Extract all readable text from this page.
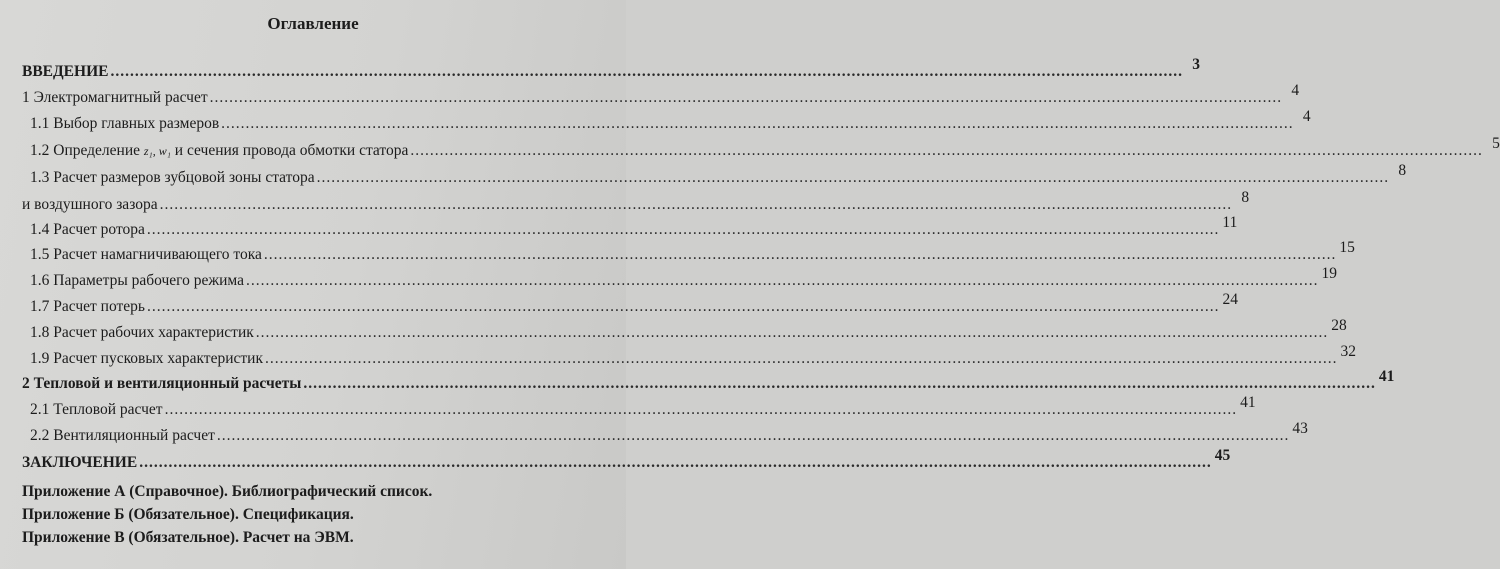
Оглавление
ВВЕДЕНИЕ ............................................................................................................................................................................................................................ 3
1 Электромагнитный расчет ............................................................................................................................................................................................................................ 4
1.1 Выбор главных размеров ............................................................................................................................................................................................................................ 4
1.2 Определение z₁, w₁ и сечения провода обмотки статора ............................................................................................................................................................................................................................ 5
1.3 Расчет размеров зубцовой зоны статора ............................................................................................................................................................................................................................ 8
и воздушного зазора ............................................................................................................................................................................................................................ 8
1.4 Расчет ротора ............................................................................................................................................................................................................................ 11
1.5 Расчет намагничивающего тока ............................................................................................................................................................................................................................ 15
1.6 Параметры рабочего режима ............................................................................................................................................................................................................................ 19
1.7 Расчет потерь ............................................................................................................................................................................................................................ 24
1.8 Расчет рабочих характеристик ............................................................................................................................................................................................................................ 28
1.9 Расчет пусковых характеристик ............................................................................................................................................................................................................................ 32
2 Тепловой и вентиляционный расчеты ............................................................................................................................................................................................................................ 41
2.1 Тепловой расчет ............................................................................................................................................................................................................................ 41
2.2 Вентиляционный расчет ............................................................................................................................................................................................................................ 43
ЗАКЛЮЧЕНИЕ ............................................................................................................................................................................................................................ 45
Приложение А (Справочное). Библиографический список.
Приложение Б (Обязательное). Спецификация.
Приложение В (Обязательное). Расчет на ЭВМ.
